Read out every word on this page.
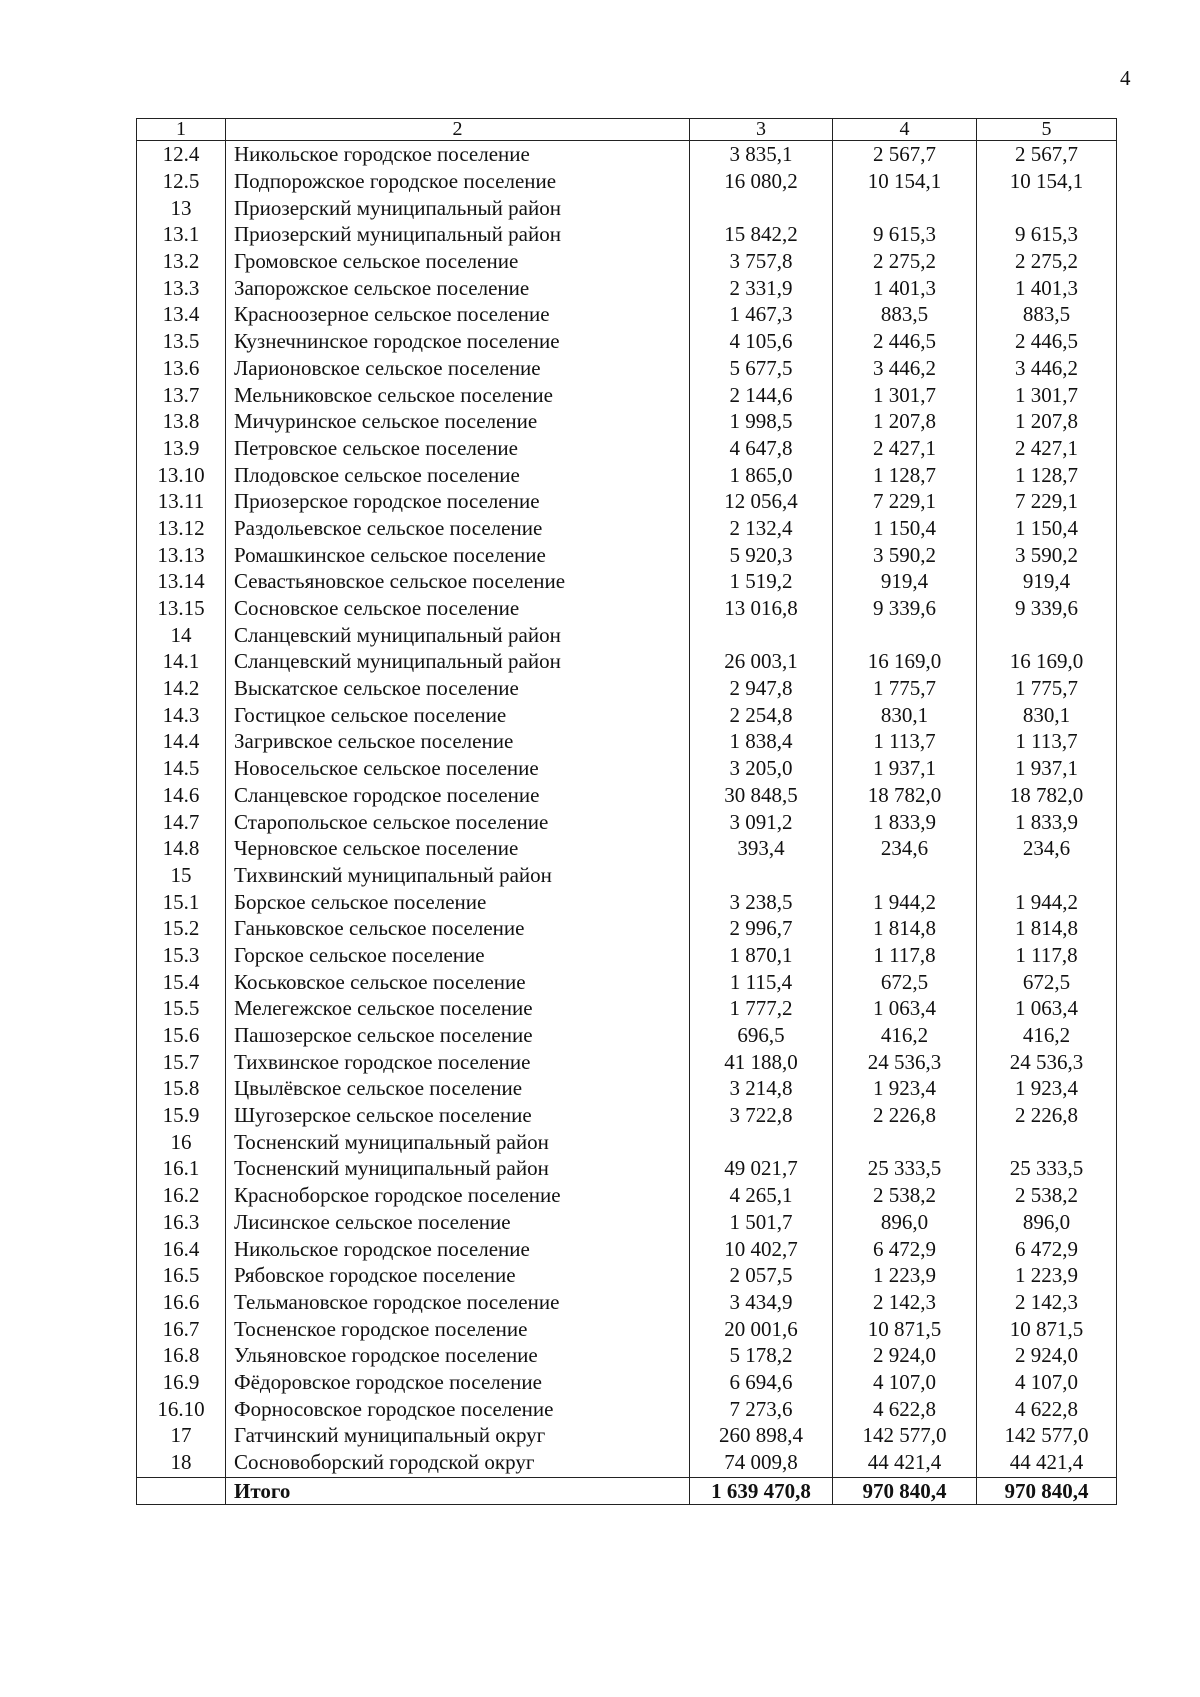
4
1	2	3	4	5
12.4	Никольское городское поселение	3 835,1	2 567,7	2 567,7
12.5	Подпорожское городское поселение	16 080,2	10 154,1	10 154,1
13	Приозерский муниципальный район			
13.1	Приозерский муниципальный район	15 842,2	9 615,3	9 615,3
13.2	Громовское сельское поселение	3 757,8	2 275,2	2 275,2
13.3	Запорожское сельское поселение	2 331,9	1 401,3	1 401,3
13.4	Красноозерное сельское поселение	1 467,3	883,5	883,5
13.5	Кузнечнинское городское поселение	4 105,6	2 446,5	2 446,5
13.6	Ларионовское сельское поселение	5 677,5	3 446,2	3 446,2
13.7	Мельниковское сельское поселение	2 144,6	1 301,7	1 301,7
13.8	Мичуринское сельское поселение	1 998,5	1 207,8	1 207,8
13.9	Петровское сельское поселение	4 647,8	2 427,1	2 427,1
13.10	Плодовское сельское поселение	1 865,0	1 128,7	1 128,7
13.11	Приозерское городское поселение	12 056,4	7 229,1	7 229,1
13.12	Раздольевское сельское поселение	2 132,4	1 150,4	1 150,4
13.13	Ромашкинское сельское поселение	5 920,3	3 590,2	3 590,2
13.14	Севастьяновское сельское поселение	1 519,2	919,4	919,4
13.15	Сосновское сельское поселение	13 016,8	9 339,6	9 339,6
14	Сланцевский муниципальный район			
14.1	Сланцевский муниципальный район	26 003,1	16 169,0	16 169,0
14.2	Выскатское сельское поселение	2 947,8	1 775,7	1 775,7
14.3	Гостицкое сельское поселение	2 254,8	830,1	830,1
14.4	Загривское сельское поселение	1 838,4	1 113,7	1 113,7
14.5	Новосельское сельское поселение	3 205,0	1 937,1	1 937,1
14.6	Сланцевское городское поселение	30 848,5	18 782,0	18 782,0
14.7	Старопольское сельское поселение	3 091,2	1 833,9	1 833,9
14.8	Черновское сельское поселение	393,4	234,6	234,6
15	Тихвинский муниципальный район			
15.1	Борское сельское поселение	3 238,5	1 944,2	1 944,2
15.2	Ганьковское сельское поселение	2 996,7	1 814,8	1 814,8
15.3	Горское сельское поселение	1 870,1	1 117,8	1 117,8
15.4	Коськовское сельское поселение	1 115,4	672,5	672,5
15.5	Мелегежское сельское поселение	1 777,2	1 063,4	1 063,4
15.6	Пашозерское сельское поселение	696,5	416,2	416,2
15.7	Тихвинское городское поселение	41 188,0	24 536,3	24 536,3
15.8	Цвылёвское сельское поселение	3 214,8	1 923,4	1 923,4
15.9	Шугозерское сельское поселение	3 722,8	2 226,8	2 226,8
16	Тосненский муниципальный район			
16.1	Тосненский муниципальный район	49 021,7	25 333,5	25 333,5
16.2	Красноборское городское поселение	4 265,1	2 538,2	2 538,2
16.3	Лисинское сельское поселение	1 501,7	896,0	896,0
16.4	Никольское городское поселение	10 402,7	6 472,9	6 472,9
16.5	Рябовское городское поселение	2 057,5	1 223,9	1 223,9
16.6	Тельмановское городское поселение	3 434,9	2 142,3	2 142,3
16.7	Тосненское городское поселение	20 001,6	10 871,5	10 871,5
16.8	Ульяновское городское поселение	5 178,2	2 924,0	2 924,0
16.9	Фёдоровское городское поселение	6 694,6	4 107,0	4 107,0
16.10	Форносовское городское поселение	7 273,6	4 622,8	4 622,8
17	Гатчинский муниципальный округ	260 898,4	142 577,0	142 577,0
18	Сосновоборский городской округ	74 009,8	44 421,4	44 421,4
	Итого	1 639 470,8	970 840,4	970 840,4
